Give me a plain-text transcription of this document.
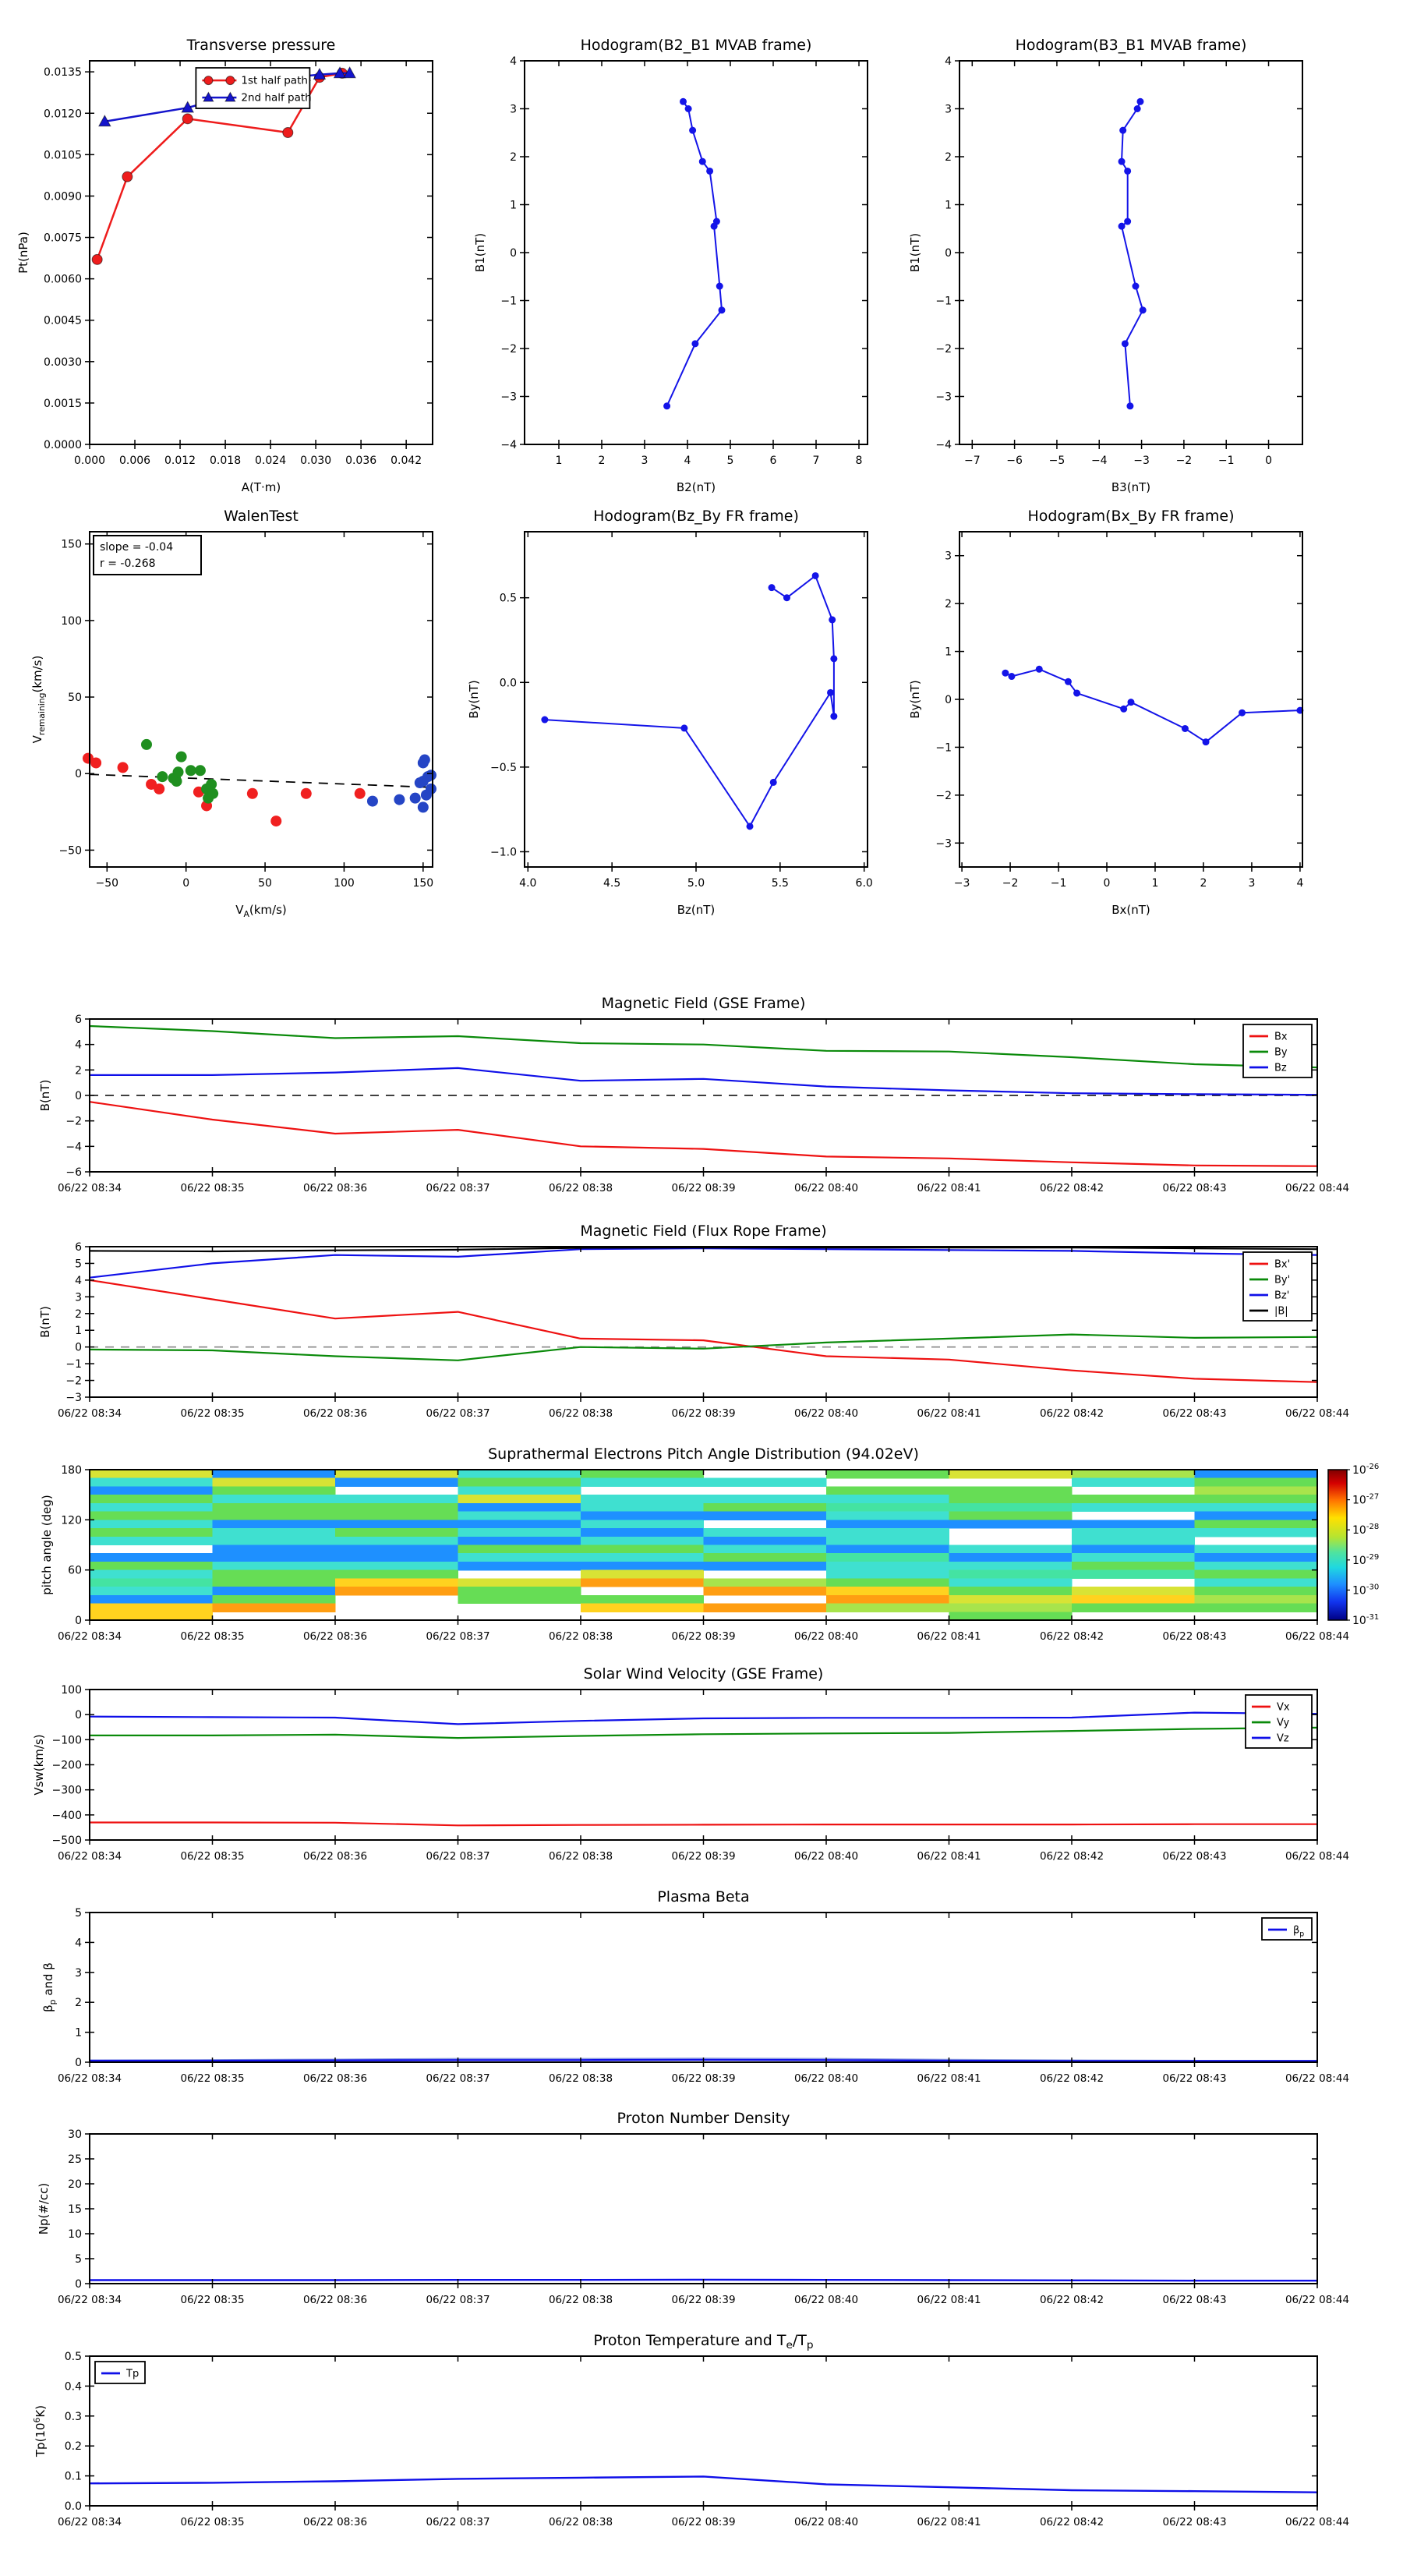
0.000 0.006 0.012 0.018 0.024 0.030 0.036 0.042
0.0000
0.0015
0.0030
0.0045
0.0060
0.0075
0.0090
0.0105
0.0120
0.0135
Transverse pressure
A(T·m)
Pt(nPa)
1st half path
2nd half path
1	2	3	4	5	6	7	8
−4
−3
−2
−1
0
1
2
3
4
Hodogram(B2_B1 MVAB frame)
B2(nT)
B1(nT)
−7 −6 −5 −4 −3 −2 −1	0
−4
−3
−2
−1
0
1
2
3
4
Hodogram(B3_B1 MVAB frame)
B3(nT)
B1(nT)
−50	0	50	100	150
−50
0
50
100
150
WalenTest
$V_A(km/s)$
$V_{remaining}(km/s)$
slope = -0.04
r = -0.268
4.0	4.5	5.0	5.5	6.0
−1.0
−0.5
0.0
0.5
Hodogram(Bz_By FR frame)
Bz(nT)
By(nT)
−3	−2	−1	0	1	2	3	4
−3
−2
−1
0
1
2
3
Hodogram(Bx_By FR frame)
Bx(nT)
By(nT)
06/22 08:34	06/22 08:35	06/22 08:36	06/22 08:37	06/22 08:38	06/22 08:39	06/22 08:40	06/22 08:41	06/22 08:42	06/22 08:43	06/22 08:44
−6
−4
−2
0
2
4
6
Magnetic Field (GSE Frame)
B(nT)
Bx
By
Bz
06/22 08:34	06/22 08:35	06/22 08:36	06/22 08:37	06/22 08:38	06/22 08:39	06/22 08:40	06/22 08:41	06/22 08:42	06/22 08:43	06/22 08:44
−3
−2
−1
0
1
2
3
4
5
6
Magnetic Field (Flux Rope Frame)
B(nT)
Bx'
By'
Bz'
|B|
06/22 08:34	06/22 08:35	06/22 08:36	06/22 08:37	06/22 08:38	06/22 08:39	06/22 08:40	06/22 08:41	06/22 08:42	06/22 08:43	06/22 08:44
0
60
120
180
Suprathermal Electrons Pitch Angle Distribution (94.02eV)
pitch angle (deg)
$10^{-26}$
$10^{-27}$
$10^{-28}$
$10^{-29}$
$10^{-30}$
$10^{-31}$
06/22 08:34	06/22 08:35	06/22 08:36	06/22 08:37	06/22 08:38	06/22 08:39	06/22 08:40	06/22 08:41	06/22 08:42	06/22 08:43	06/22 08:44
−500
−400
−300
−200
−100
0
100
Solar Wind Velocity (GSE Frame)
Vsw(km/s)
Vx
Vy
Vz
06/22 08:34	06/22 08:35	06/22 08:36	06/22 08:37	06/22 08:38	06/22 08:39	06/22 08:40	06/22 08:41	06/22 08:42	06/22 08:43	06/22 08:44
0
1
2
3
4
5
Plasma Beta
$\beta_p$ and β
$\beta_p$
06/22 08:34	06/22 08:35	06/22 08:36	06/22 08:37	06/22 08:38	06/22 08:39	06/22 08:40	06/22 08:41	06/22 08:42	06/22 08:43	06/22 08:44
0
5
10
15
20
25
30
Proton Number Density
Np(#/cc)
06/22 08:34	06/22 08:35	06/22 08:36	06/22 08:37	06/22 08:38	06/22 08:39	06/22 08:40	06/22 08:41	06/22 08:42	06/22 08:43	06/22 08:44
0.0
0.1
0.2
0.3
0.4
0.5
Proton Temperature and $T_e/T_p$
$Tp(10^6K)$
Tp
